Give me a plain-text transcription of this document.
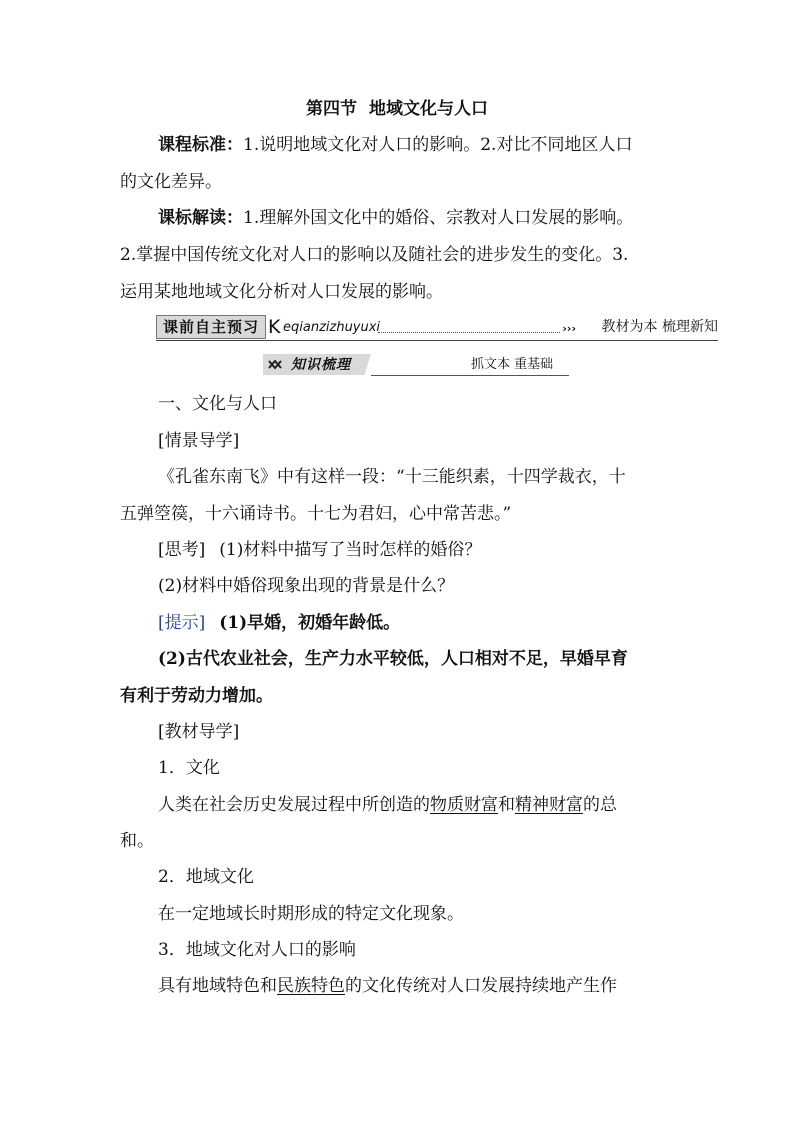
第四节 地域文化与人口
课程标准：1.说明地域文化对人口的影响。2.对比不同地区人口
的文化差异。
课标解读：1.理解外国文化中的婚俗、宗教对人口发展的影响。
2.掌握中国传统文化对人口的影响以及随社会的进步发生的变化。3.
运用某地地域文化分析对人口发展的影响。
课前自主预习 K eqianzizhuyuxi	››› 教材为本 梳理新知
知识梳理	抓文本 重基础
一、文化与人口
[情景导学]
《孔雀东南飞》中有这样一段：“十三能织素，十四学裁衣，十
五弹箜篌，十六诵诗书。十七为君妇，心中常苦悲。”
[思考] (1)材料中描写了当时怎样的婚俗？
(2)材料中婚俗现象出现的背景是什么？
[提示] (1)早婚，初婚年龄低。
(2)古代农业社会，生产力水平较低，人口相对不足，早婚早育
有利于劳动力增加。
[教材导学]
1．文化
人类在社会历史发展过程中所创造的物质财富和精神财富的总
和。
2．地域文化
在一定地域长时期形成的特定文化现象。
3．地域文化对人口的影响
具有地域特色和民族特色的文化传统对人口发展持续地产生作
